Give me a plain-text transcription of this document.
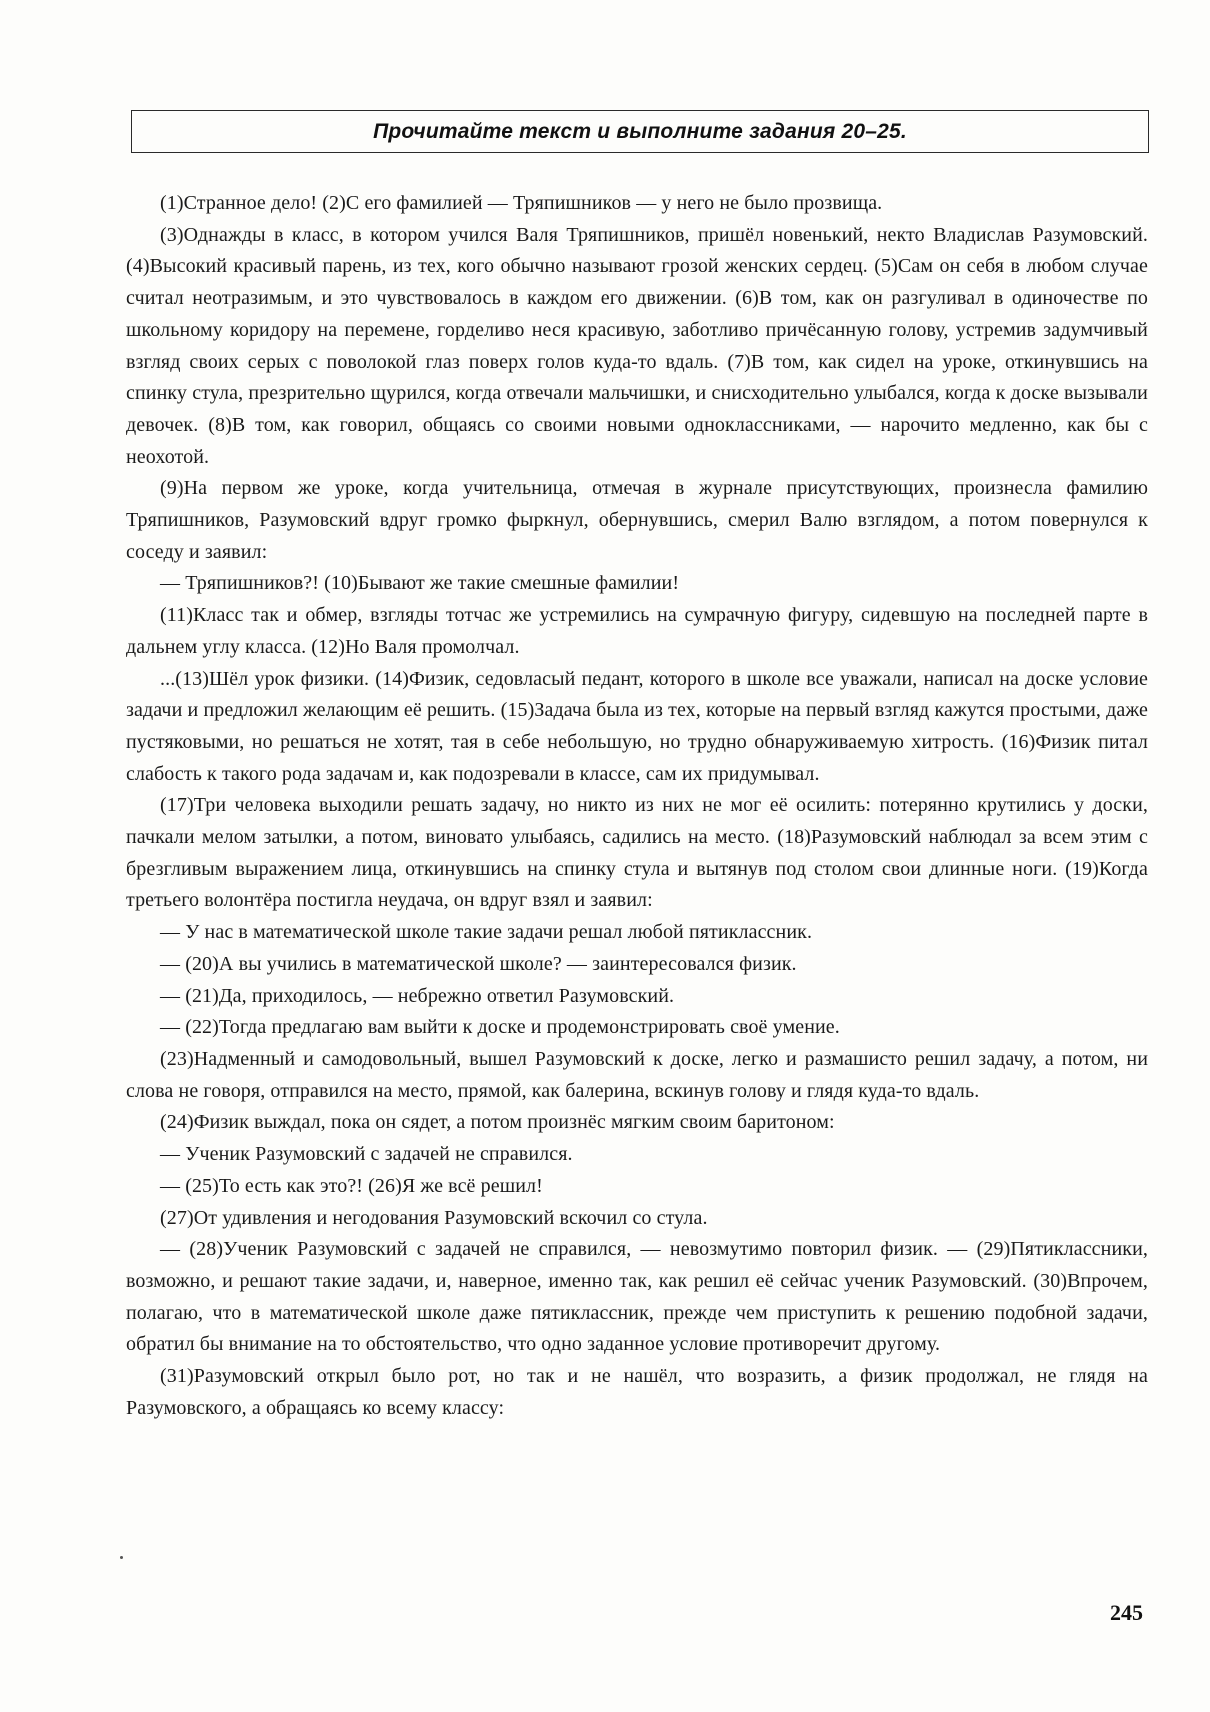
Прочитайте текст и выполните задания 20–25.

(1)Странное дело! (2)С его фамилией — Тряпишников — у него не было прозвища.

(3)Однажды в класс, в котором учился Валя Тряпишников, пришёл новенький, некто Владислав Разумовский. (4)Высокий красивый парень, из тех, кого обычно называют грозой женских сердец. (5)Сам он себя в любом случае считал неотразимым, и это чувствовалось в каждом его движении. (6)В том, как он разгуливал в одиночестве по школьному коридору на перемене, горделиво неся красивую, заботливо причёсанную голову, устремив задумчивый взгляд своих серых с поволокой глаз поверх голов куда-то вдаль. (7)В том, как сидел на уроке, откинувшись на спинку стула, презрительно щурился, когда отвечали мальчишки, и снисходительно улыбался, когда к доске вызывали девочек. (8)В том, как говорил, общаясь со своими новыми одноклассниками, — нарочито медленно, как бы с неохотой.

(9)На первом же уроке, когда учительница, отмечая в журнале присутствующих, произнесла фамилию Тряпишников, Разумовский вдруг громко фыркнул, обернувшись, смерил Валю взглядом, а потом повернулся к соседу и заявил:

— Тряпишников?! (10)Бывают же такие смешные фамилии!

(11)Класс так и обмер, взгляды тотчас же устремились на сумрачную фигуру, сидевшую на последней парте в дальнем углу класса. (12)Но Валя промолчал.

...(13)Шёл урок физики. (14)Физик, седовласый педант, которого в школе все уважали, написал на доске условие задачи и предложил желающим её решить. (15)Задача была из тех, которые на первый взгляд кажутся простыми, даже пустяковыми, но решаться не хотят, тая в себе небольшую, но трудно обнаруживаемую хитрость. (16)Физик питал слабость к такого рода задачам и, как подозревали в классе, сам их придумывал.

(17)Три человека выходили решать задачу, но никто из них не мог её осилить: потерянно крутились у доски, пачкали мелом затылки, а потом, виновато улыбаясь, садились на место. (18)Разумовский наблюдал за всем этим с брезгливым выражением лица, откинувшись на спинку стула и вытянув под столом свои длинные ноги. (19)Когда третьего волонтёра постигла неудача, он вдруг взял и заявил:

— У нас в математической школе такие задачи решал любой пятиклассник.

— (20)А вы учились в математической школе? — заинтересовался физик.

— (21)Да, приходилось, — небрежно ответил Разумовский.

— (22)Тогда предлагаю вам выйти к доске и продемонстрировать своё умение.

(23)Надменный и самодовольный, вышел Разумовский к доске, легко и размашисто решил задачу, а потом, ни слова не говоря, отправился на место, прямой, как балерина, вскинув голову и глядя куда-то вдаль.

(24)Физик выждал, пока он сядет, а потом произнёс мягким своим баритоном:

— Ученик Разумовский с задачей не справился.

— (25)То есть как это?! (26)Я же всё решил!

(27)От удивления и негодования Разумовский вскочил со стула.

— (28)Ученик Разумовский с задачей не справился, — невозмутимо повторил физик. — (29)Пятиклассники, возможно, и решают такие задачи, и, наверное, именно так, как решил её сейчас ученик Разумовский. (30)Впрочем, полагаю, что в математической школе даже пятиклассник, прежде чем приступить к решению подобной задачи, обратил бы внимание на то обстоятельство, что одно заданное условие противоречит другому.

(31)Разумовский открыл было рот, но так и не нашёл, что возразить, а физик продолжал, не глядя на Разумовского, а обращаясь ко всему классу:

245
